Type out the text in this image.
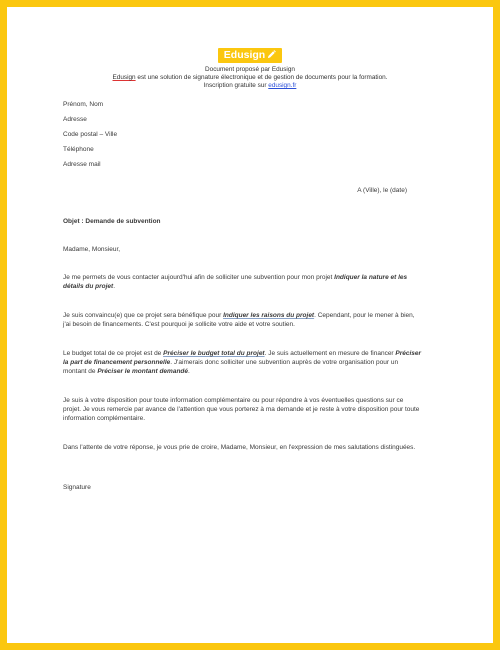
Edusign
Document proposé par Edusign
Edusign est une solution de signature électronique et de gestion de documents pour la formation.
Inscription gratuite sur edusign.fr
Prénom, Nom
Adresse
Code postal – Ville
Téléphone
Adresse mail
A (Ville), le (date)
Objet : Demande de subvention
Madame, Monsieur,
Je me permets de vous contacter aujourd'hui afin de solliciter une subvention pour mon projet Indiquer la nature et les détails du projet.
Je suis convaincu(e) que ce projet sera bénéfique pour Indiquer les raisons du projet. Cependant, pour le mener à bien, j'ai besoin de financements. C'est pourquoi je sollicite votre aide et votre soutien.
Le budget total de ce projet est de Préciser le budget total du projet. Je suis actuellement en mesure de financer Préciser la part de financement personnelle. J'aimerais donc solliciter une subvention auprès de votre organisation pour un montant de Préciser le montant demandé.
Je suis à votre disposition pour toute information complémentaire ou pour répondre à vos éventuelles questions sur ce projet. Je vous remercie par avance de l'attention que vous porterez à ma demande et je reste à votre disposition pour toute information complémentaire.
Dans l'attente de votre réponse, je vous prie de croire, Madame, Monsieur, en l'expression de mes salutations distinguées.
Signature
